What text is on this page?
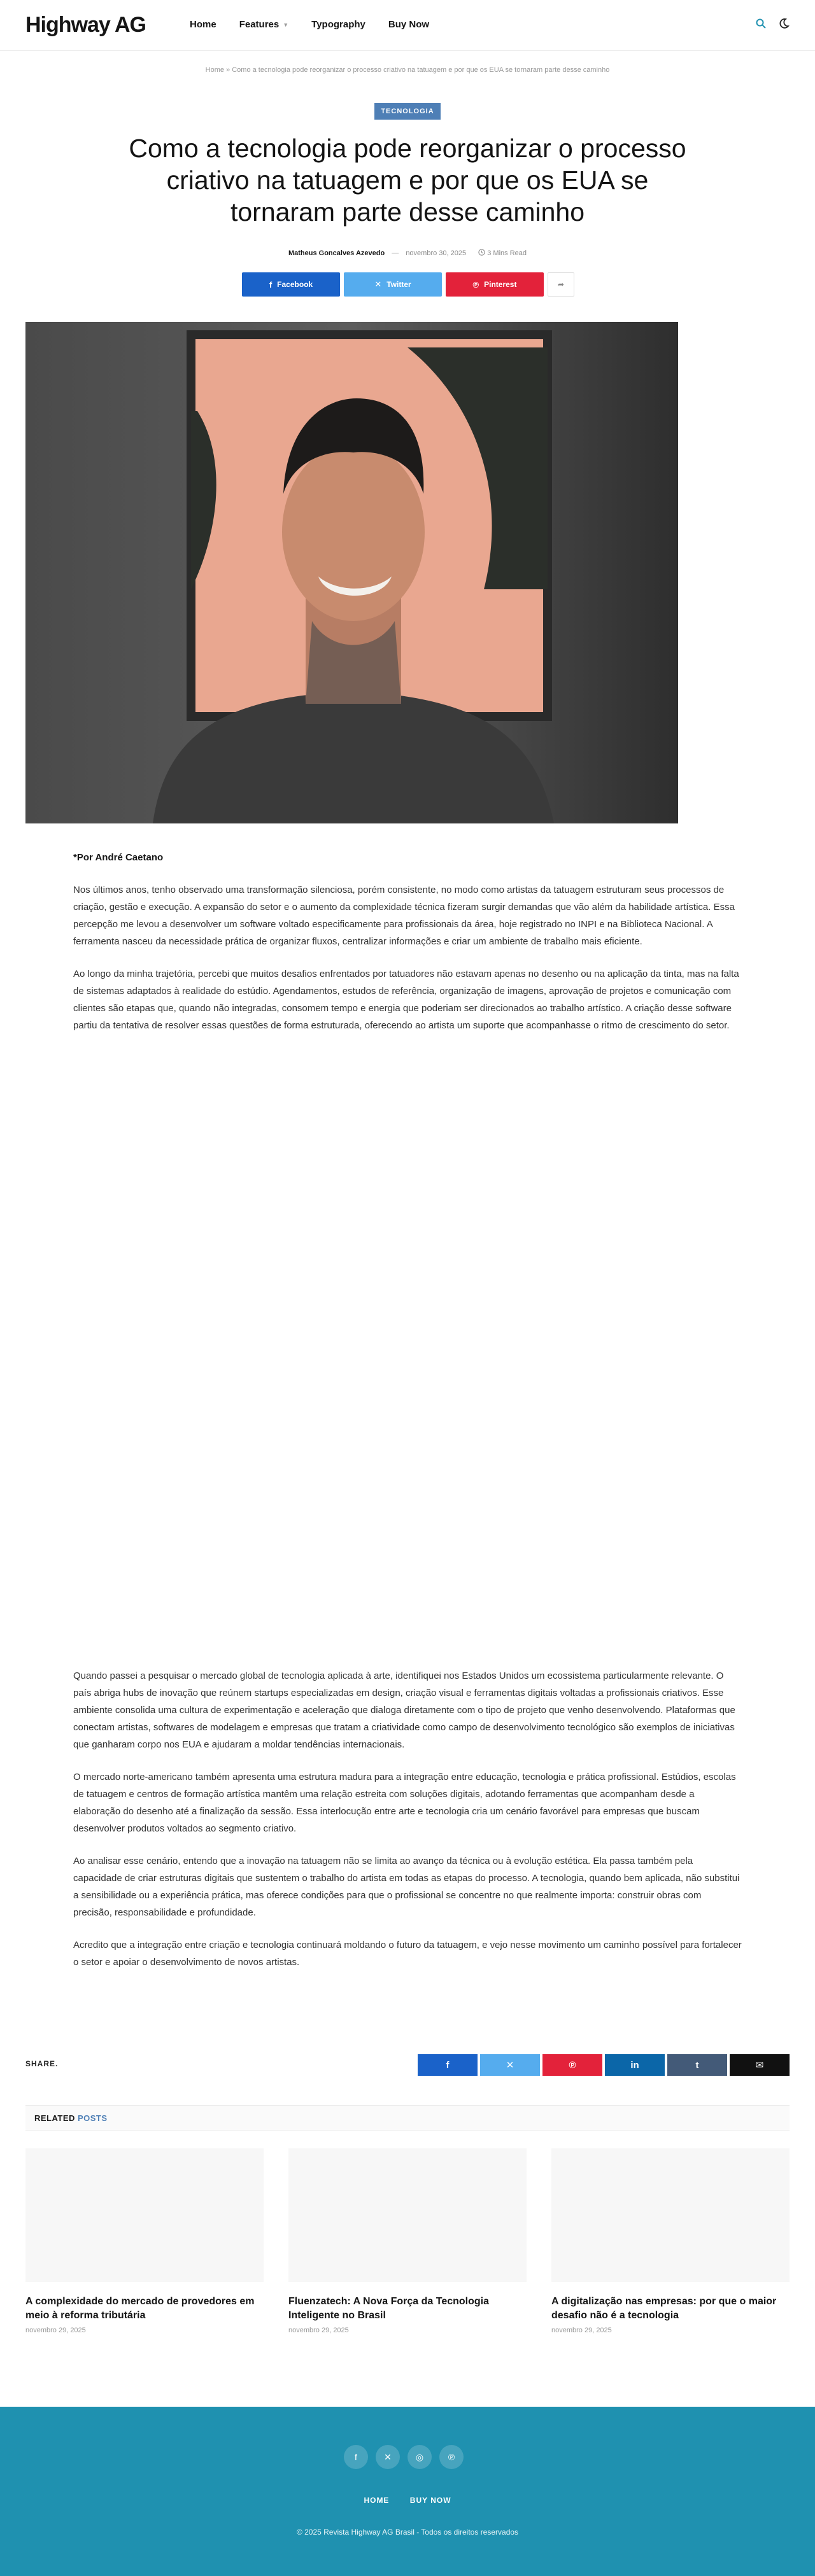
Highway AG	Home Features ▼ Typography Buy Now
Home » Como a tecnologia pode reorganizar o processo criativo na tatuagem e por que os EUA se tornaram parte desse caminho
TECNOLOGIA
Como a tecnologia pode reorganizar o processo criativo na tatuagem e por que os EUA se tornaram parte desse caminho
Matheus Goncalves Azevedo — novembro 30, 2025	3 Mins Read
f Facebook	✕ Twitter	℗ Pinterest	➦

*Por André Caetano

Nos últimos anos, tenho observado uma transformação silenciosa, porém consistente, no modo como artistas da tatuagem estruturam seus processos de criação, gestão e execução. A expansão do setor e o aumento da complexidade técnica fizeram surgir demandas que vão além da habilidade artística. Essa percepção me levou a desenvolver um software voltado especificamente para profissionais da área, hoje registrado no INPI e na Biblioteca Nacional. A ferramenta nasceu da necessidade prática de organizar fluxos, centralizar informações e criar um ambiente de trabalho mais eficiente.

Ao longo da minha trajetória, percebi que muitos desafios enfrentados por tatuadores não estavam apenas no desenho ou na aplicação da tinta, mas na falta de sistemas adaptados à realidade do estúdio. Agendamentos, estudos de referência, organização de imagens, aprovação de projetos e comunicação com clientes são etapas que, quando não integradas, consomem tempo e energia que poderiam ser direcionados ao trabalho artístico. A criação desse software partiu da tentativa de resolver essas questões de forma estruturada, oferecendo ao artista um suporte que acompanhasse o ritmo de crescimento do setor.

Quando passei a pesquisar o mercado global de tecnologia aplicada à arte, identifiquei nos Estados Unidos um ecossistema particularmente relevante. O país abriga hubs de inovação que reúnem startups especializadas em design, criação visual e ferramentas digitais voltadas a profissionais criativos. Esse ambiente consolida uma cultura de experimentação e aceleração que dialoga diretamente com o tipo de projeto que venho desenvolvendo. Plataformas que conectam artistas, softwares de modelagem e empresas que tratam a criatividade como campo de desenvolvimento tecnológico são exemplos de iniciativas que ganharam corpo nos EUA e ajudaram a moldar tendências internacionais.

O mercado norte-americano também apresenta uma estrutura madura para a integração entre educação, tecnologia e prática profissional. Estúdios, escolas de tatuagem e centros de formação artística mantêm uma relação estreita com soluções digitais, adotando ferramentas que acompanham desde a elaboração do desenho até a finalização da sessão. Essa interlocução entre arte e tecnologia cria um cenário favorável para empresas que buscam desenvolver produtos voltados ao segmento criativo.

Ao analisar esse cenário, entendo que a inovação na tatuagem não se limita ao avanço da técnica ou à evolução estética. Ela passa também pela capacidade de criar estruturas digitais que sustentem o trabalho do artista em todas as etapas do processo. A tecnologia, quando bem aplicada, não substitui a sensibilidade ou a experiência prática, mas oferece condições para que o profissional se concentre no que realmente importa: construir obras com precisão, responsabilidade e profundidade.

Acredito que a integração entre criação e tecnologia continuará moldando o futuro da tatuagem, e vejo nesse movimento um caminho possível para fortalecer o setor e apoiar o desenvolvimento de novos artistas.

SHARE.	f	✕	℗	in	t	✉
RELATED POSTS
A complexidade do mercado de provedores em meio à reforma tributária
novembro 29, 2025
Fluenzatech: A Nova Força da Tecnologia Inteligente no Brasil
novembro 29, 2025
A digitalização nas empresas: por que o maior desafio não é a tecnologia
novembro 29, 2025
f	✕	◎	℗
HOME	BUY NOW
© 2025 Revista Highway AG Brasil - Todos os direitos reservados
